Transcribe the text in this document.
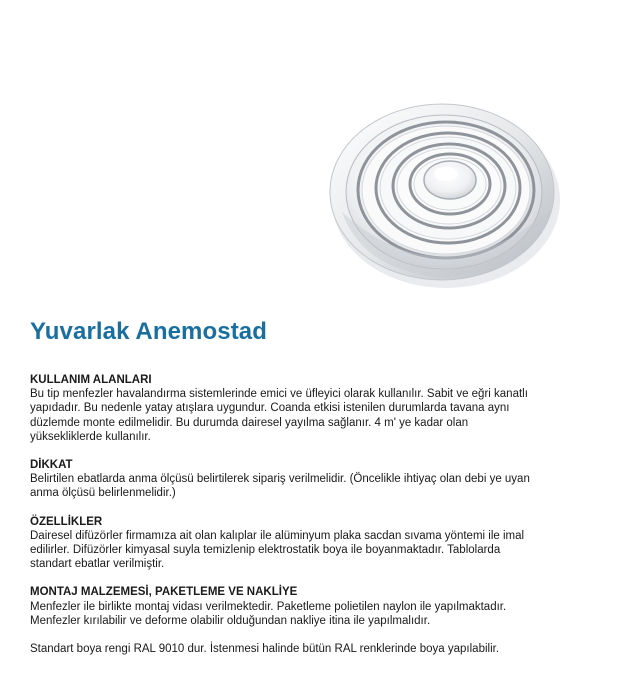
Yuvarlak Anemostad

KULLANIM ALANLARI

Bu tip menfezler havalandırma sistemlerinde emici ve üfleyici olarak kullanılır. Sabit ve eğri kanatlı
yapıdadır. Bu nedenle yatay atışlara uygundur. Coanda etkisi istenilen durumlarda tavana aynı
düzlemde monte edilmelidir. Bu durumda dairesel yayılma sağlanır. 4 m' ye kadar olan
yüksekliklerde kullanılır.

DİKKAT

Belirtilen ebatlarda anma ölçüsü belirtilerek sipariş verilmelidir. (Öncelikle ihtiyaç olan debi ye uyan
anma ölçüsü belirlenmelidir.)

ÖZELLİKLER

Dairesel difüzörler firmamıza ait olan kalıplar ile alüminyum plaka sacdan sıvama yöntemi ile imal
edilirler. Difüzörler kimyasal suyla temizlenip elektrostatik boya ile boyanmaktadır. Tablolarda
standart ebatlar verilmiştir.

MONTAJ MALZEMESİ, PAKETLEME VE NAKLİYE

Menfezler ile birlikte montaj vidası verilmektedir. Paketleme polietilen naylon ile yapılmaktadır.
Menfezler kırılabilir ve deforme olabilir olduğundan nakliye itina ile yapılmalıdır.

Standart boya rengi RAL 9010 dur. İstenmesi halinde bütün RAL renklerinde boya yapılabilir.
